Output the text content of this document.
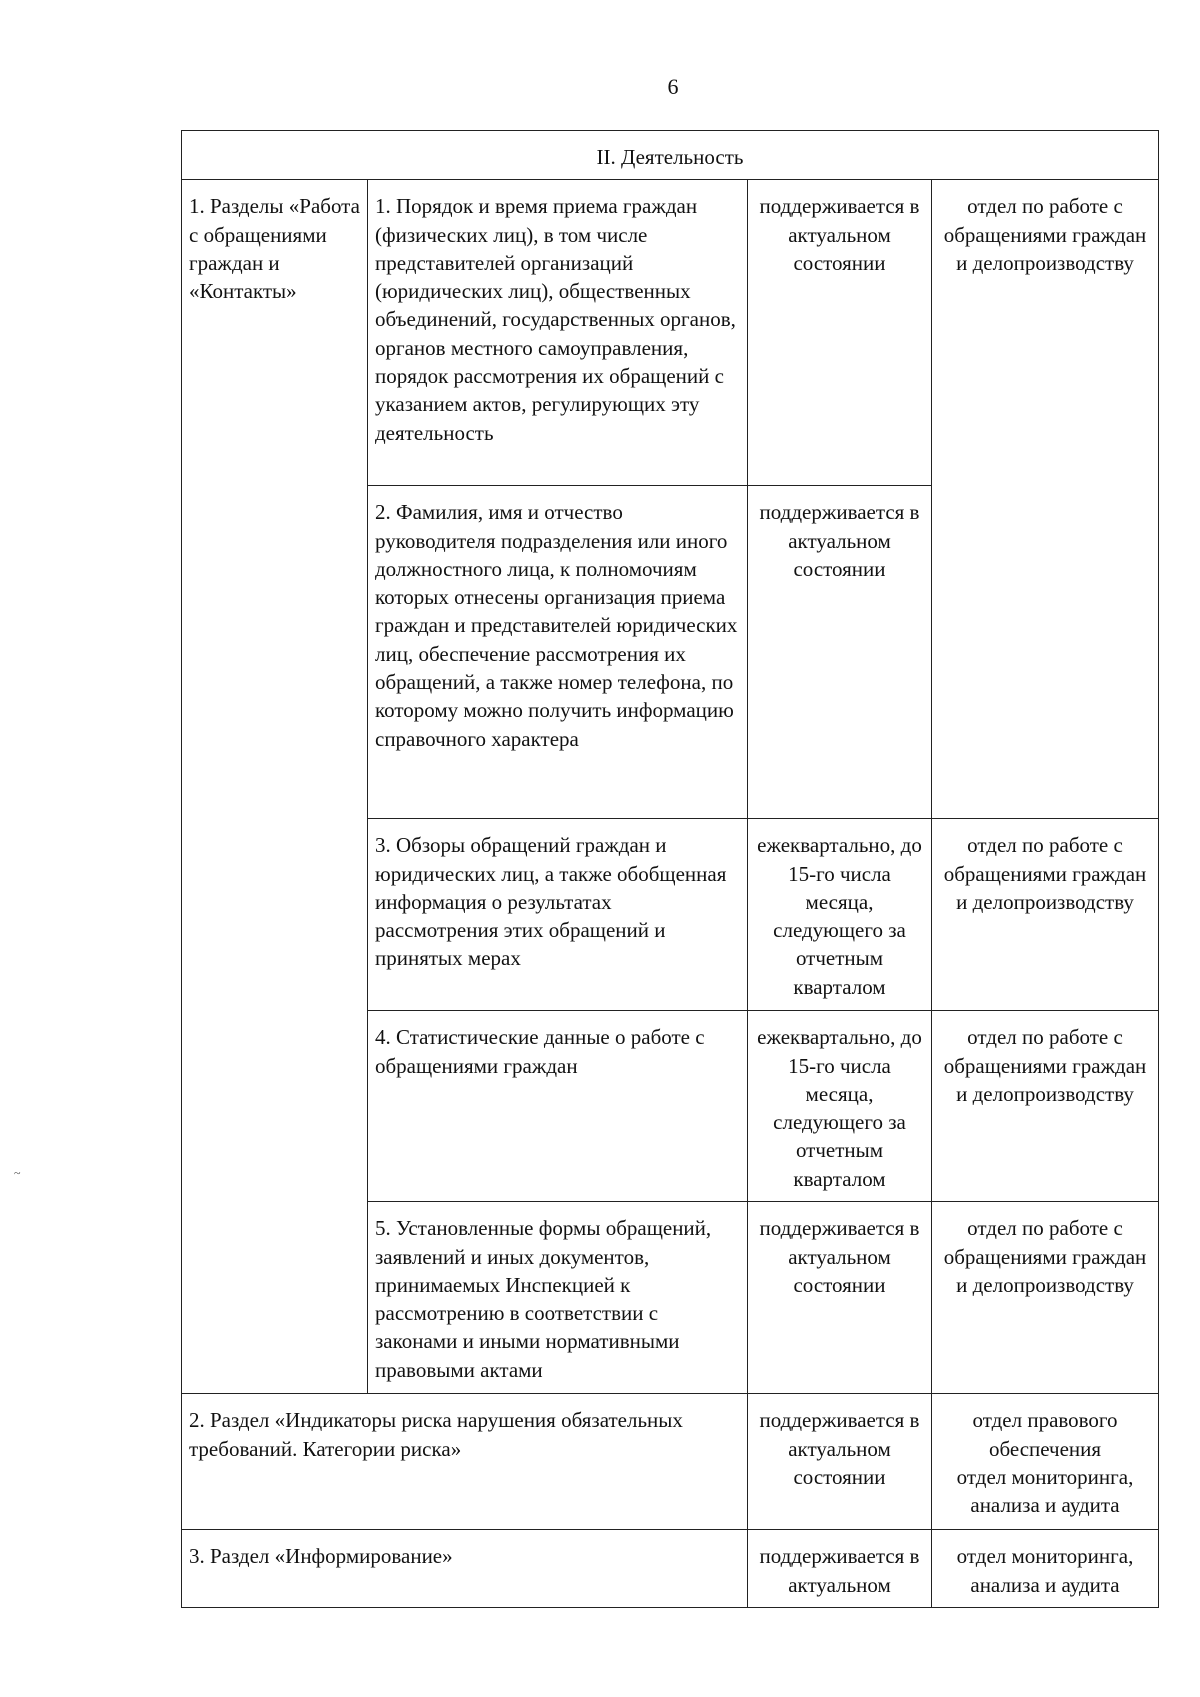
6
~
II. Деятельность			
1. Разделы «Работа с обращениями граждан и «Контакты»	1. Порядок и время приема граждан (физических лиц), в том числе представителей организаций (юридических лиц), общественных объединений, государственных органов, органов местного самоуправления, порядок рассмотрения их обращений с указанием актов, регулирующих эту деятельность	поддерживается в актуальном состоянии	отдел по работе с обращениями граждан и делопроизводству
	2. Фамилия, имя и отчество руководителя подразделения или иного должностного лица, к полномочиям которых отнесены организация приема граждан и представителей юридических лиц, обеспечение рассмотрения их обращений, а также номер телефона, по которому можно получить информацию справочного характера	поддерживается в актуальном состоянии	
	3. Обзоры обращений граждан и юридических лиц, а также обобщенная информация о результатах рассмотрения этих обращений и принятых мерах	ежеквартально, до 15-го числа месяца, следующего за отчетным кварталом	отдел по работе с обращениями граждан и делопроизводству
	4. Статистические данные о работе с обращениями граждан	ежеквартально, до 15-го числа месяца, следующего за отчетным кварталом	отдел по работе с обращениями граждан и делопроизводству
	5. Установленные формы обращений, заявлений и иных документов, принимаемых Инспекцией к рассмотрению в соответствии с законами и иными нормативными правовыми актами	поддерживается в актуальном состоянии	отдел по работе с обращениями граждан и делопроизводству
2. Раздел «Индикаторы риска нарушения обязательных требований. Категории риска»		поддерживается в актуальном состоянии	отдел правового обеспечения
отдел мониторинга, анализа и аудита
3. Раздел «Информирование»		поддерживается в актуальном	отдел мониторинга, анализа и аудита
